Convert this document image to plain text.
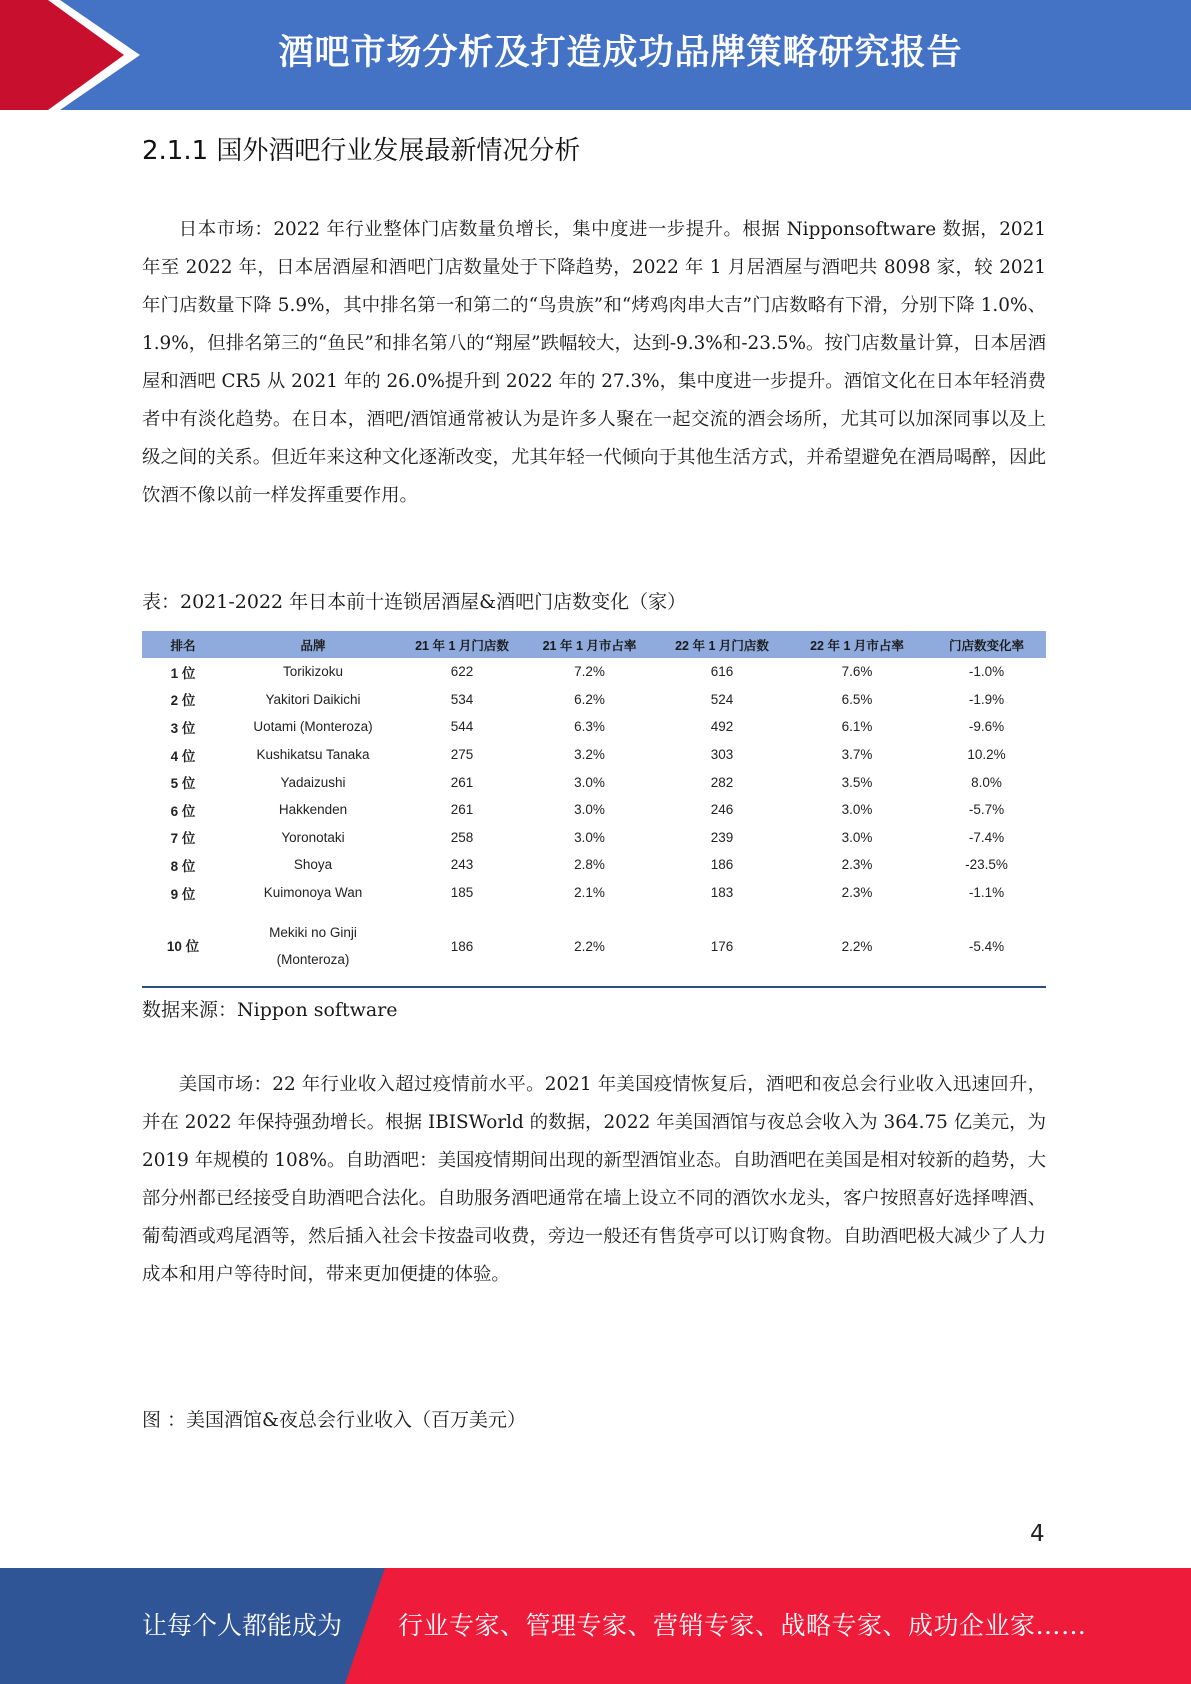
酒吧市场分析及打造成功品牌策略研究报告
2.1.1 国外酒吧行业发展最新情况分析

日本市场：2022 年行业整体门店数量负增长，集中度进一步提升。根据 Nipponsoftware 数据，2021 年至 2022 年，日本居酒屋和酒吧门店数量处于下降趋势，2022 年 1 月居酒屋与酒吧共 8098 家，较 2021 年门店数量下降 5.9%，其中排名第一和第二的“鸟贵族”和“烤鸡肉串大吉”门店数略有下滑，分别下降 1.0%、1.9%，但排名第三的“鱼民”和排名第八的“翔屋”跌幅较大，达到-9.3%和-23.5%。按门店数量计算，日本居酒屋和酒吧 CR5 从 2021 年的 26.0%提升到 2022 年的 27.3%，集中度进一步提升。酒馆文化在日本年轻消费者中有淡化趋势。在日本，酒吧/酒馆通常被认为是许多人聚在一起交流的酒会场所，尤其可以加深同事以及上级之间的关系。但近年来这种文化逐渐改变，尤其年轻一代倾向于其他生活方式，并希望避免在酒局喝醉，因此饮酒不像以前一样发挥重要作用。

表：2021-2022 年日本前十连锁居酒屋&酒吧门店数变化（家）

排名	品牌	21 年 1 月门店数	21 年 1 月市占率	22 年 1 月门店数	22 年 1 月市占率	门店数变化率
1 位	Torikizoku	622	7.2%	616	7.6%	-1.0%
2 位	Yakitori Daikichi	534	6.2%	524	6.5%	-1.9%
3 位	Uotami (Monteroza)	544	6.3%	492	6.1%	-9.6%
4 位	Kushikatsu Tanaka	275	3.2%	303	3.7%	10.2%
5 位	Yadaizushi	261	3.0%	282	3.5%	8.0%
6 位	Hakkenden	261	3.0%	246	3.0%	-5.7%
7 位	Yoronotaki	258	3.0%	239	3.0%	-7.4%
8 位	Shoya	243	2.8%	186	2.3%	-23.5%
9 位	Kuimonoya Wan	185	2.1%	183	2.3%	-1.1%
10 位	Mekiki no Ginji
(Monteroza)	186	2.2%	176	2.2%	-5.4%

数据来源：Nippon software

美国市场：22 年行业收入超过疫情前水平。2021 年美国疫情恢复后，酒吧和夜总会行业收入迅速回升，并在 2022 年保持强劲增长。根据 IBISWorld 的数据，2022 年美国酒馆与夜总会收入为 364.75 亿美元，为 2019 年规模的 108%。自助酒吧：美国疫情期间出现的新型酒馆业态。自助酒吧在美国是相对较新的趋势，大部分州都已经接受自助酒吧合法化。自助服务酒吧通常在墙上设立不同的酒饮水龙头，客户按照喜好选择啤酒、葡萄酒或鸡尾酒等，然后插入社会卡按盎司收费，旁边一般还有售货亭可以订购食物。自助酒吧极大减少了人力成本和用户等待时间，带来更加便捷的体验。

图 ：美国酒馆&夜总会行业收入（百万美元）

4
让每个人都能成为 行业专家、管理专家、营销专家、战略专家、成功企业家……
